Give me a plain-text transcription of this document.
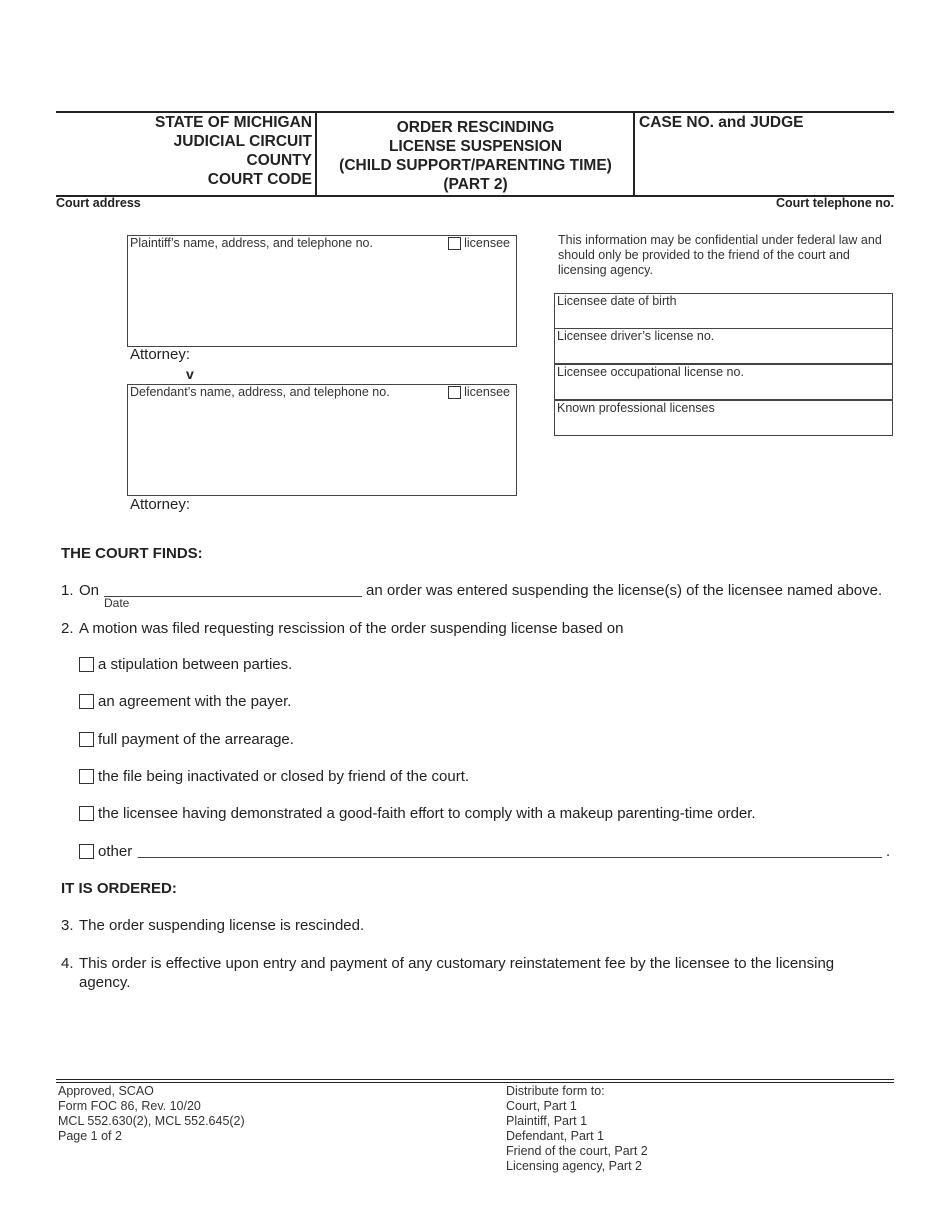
STATE OF MICHIGAN
JUDICIAL CIRCUIT
COUNTY
COURT CODE
ORDER RESCINDING
LICENSE SUSPENSION
(CHILD SUPPORT/PARENTING TIME)
(PART 2)
CASE NO. and JUDGE
Court address	Court telephone no.
Plaintiff’s name, address, and telephone no.	licensee
Attorney:
v
Defendant’s name, address, and telephone no.	licensee
Attorney:
This information may be confidential under federal law and should only be provided to the friend of the court and licensing agency.
Licensee date of birth
Licensee driver’s license no.
Licensee occupational license no.
Known professional licenses
THE COURT FINDS:
1. On
Date
an order was entered suspending the license(s) of the licensee named above.
2. A motion was filed requesting rescission of the order suspending license based on
a stipulation between parties.
an agreement with the payer.
full payment of the arrearage.
the file being inactivated or closed by friend of the court.
the licensee having demonstrated a good-faith effort to comply with a makeup parenting-time order.
other	.
IT IS ORDERED:
3. The order suspending license is rescinded.
4. This order is effective upon entry and payment of any customary reinstatement fee by the licensee to the licensing
agency.
Approved, SCAO
Form FOC 86, Rev. 10/20
MCL 552.630(2), MCL 552.645(2)
Page 1 of 2
Distribute form to:
Court, Part 1
Plaintiff, Part 1
Defendant, Part 1
Friend of the court, Part 2
Licensing agency, Part 2
